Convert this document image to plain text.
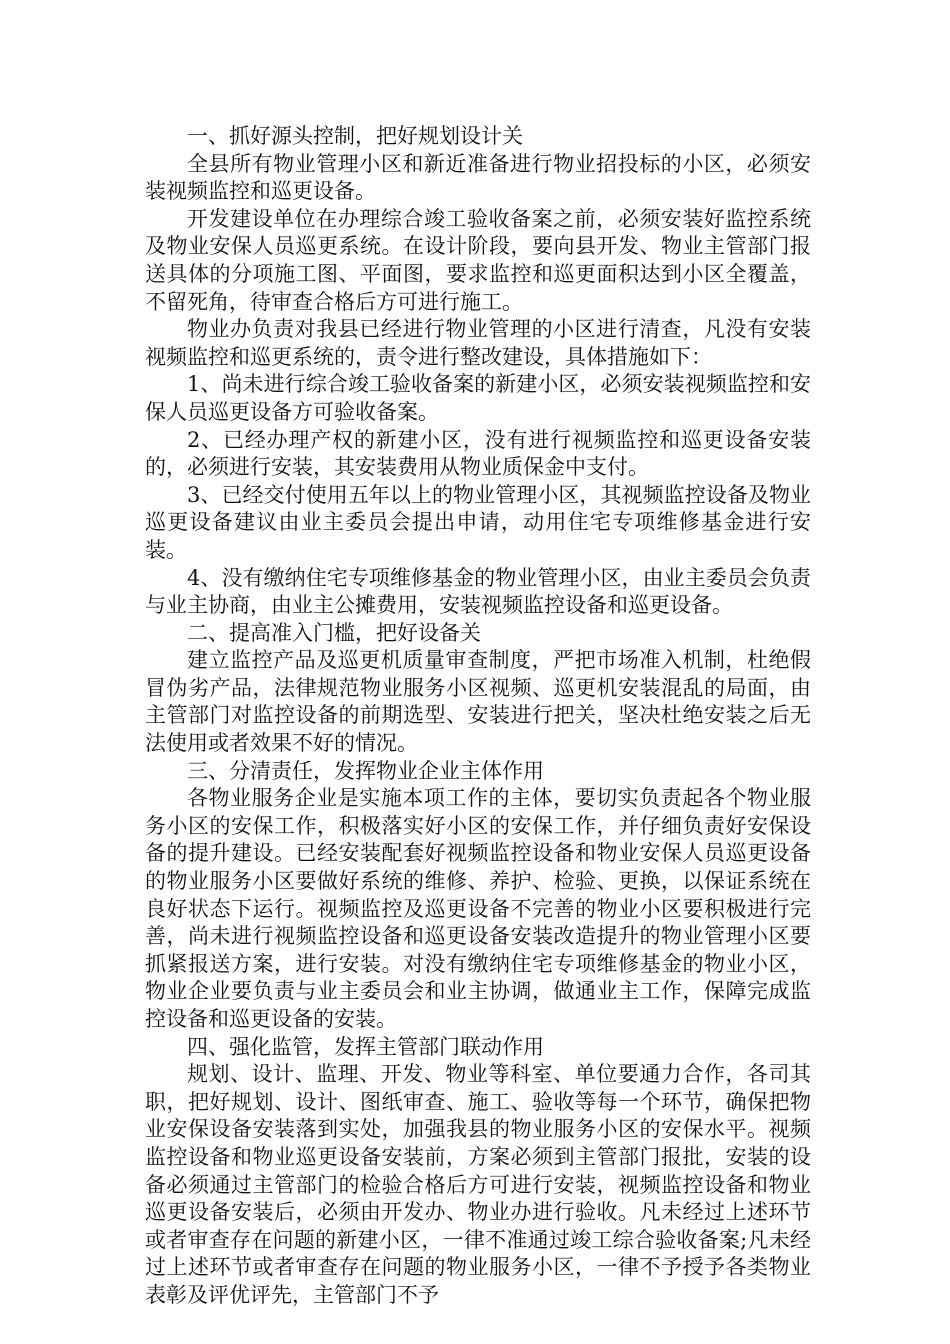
一、抓好源头控制，把好规划设计关

全县所有物业管理小区和新近准备进行物业招投标的小区，必须安装视频监控和巡更设备。

开发建设单位在办理综合竣工验收备案之前，必须安装好监控系统及物业安保人员巡更系统。在设计阶段，要向县开发、物业主管部门报送具体的分项施工图、平面图，要求监控和巡更面积达到小区全覆盖，不留死角，待审查合格后方可进行施工。

物业办负责对我县已经进行物业管理的小区进行清查，凡没有安装视频监控和巡更系统的，责令进行整改建设，具体措施如下：

1、尚未进行综合竣工验收备案的新建小区，必须安装视频监控和安保人员巡更设备方可验收备案。

2、已经办理产权的新建小区，没有进行视频监控和巡更设备安装的，必须进行安装，其安装费用从物业质保金中支付。

3、已经交付使用五年以上的物业管理小区，其视频监控设备及物业巡更设备建议由业主委员会提出申请，动用住宅专项维修基金进行安装。

4、没有缴纳住宅专项维修基金的物业管理小区，由业主委员会负责与业主协商，由业主公摊费用，安装视频监控设备和巡更设备。

二、提高准入门槛，把好设备关

建立监控产品及巡更机质量审查制度，严把市场准入机制，杜绝假冒伪劣产品，法律规范物业服务小区视频、巡更机安装混乱的局面，由主管部门对监控设备的前期选型、安装进行把关，坚决杜绝安装之后无法使用或者效果不好的情况。

三、分清责任，发挥物业企业主体作用

各物业服务企业是实施本项工作的主体，要切实负责起各个物业服务小区的安保工作，积极落实好小区的安保工作，并仔细负责好安保设备的提升建设。已经安装配套好视频监控设备和物业安保人员巡更设备的物业服务小区要做好系统的维修、养护、检验、更换，以保证系统在良好状态下运行。视频监控及巡更设备不完善的物业小区要积极进行完善，尚未进行视频监控设备和巡更设备安装改造提升的物业管理小区要抓紧报送方案，进行安装。对没有缴纳住宅专项维修基金的物业小区，物业企业要负责与业主委员会和业主协调，做通业主工作，保障完成监控设备和巡更设备的安装。

四、强化监管，发挥主管部门联动作用

规划、设计、监理、开发、物业等科室、单位要通力合作，各司其职，把好规划、设计、图纸审查、施工、验收等每一个环节，确保把物业安保设备安装落到实处，加强我县的物业服务小区的安保水平。视频监控设备和物业巡更设备安装前，方案必须到主管部门报批，安装的设备必须通过主管部门的检验合格后方可进行安装，视频监控设备和物业巡更设备安装后，必须由开发办、物业办进行验收。凡未经过上述环节或者审查存在问题的新建小区，一律不准通过竣工综合验收备案;凡未经过上述环节或者审查存在问题的物业服务小区，一律不予授予各类物业表彰及评优评先，主管部门不予
